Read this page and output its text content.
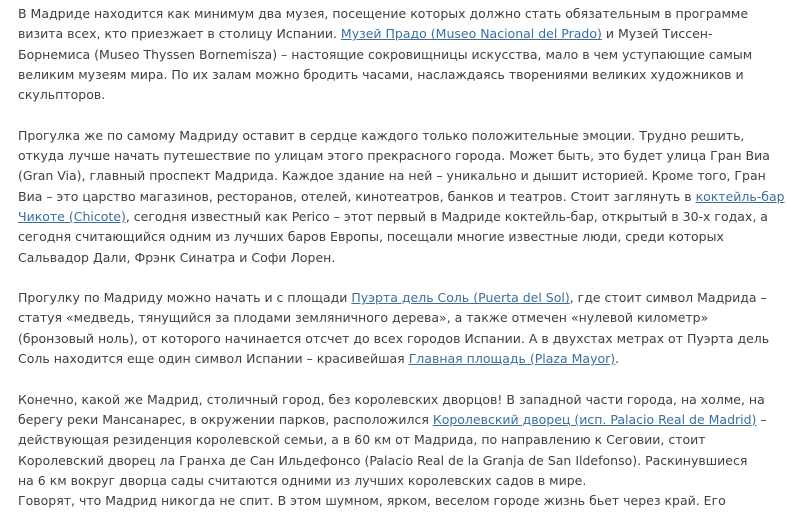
В Мадриде находится как минимум два музея, посещение которых должно стать обязательным в программе
визита всех, кто приезжает в столицу Испании. Музей Прадо (Museo Nacional del Prado) и Музей Тиссен-
Борнемиса (Museo Thyssen Bornemisza) – настоящие сокровищницы искусства, мало в чем уступающие самым
великим музеям мира. По их залам можно бродить часами, наслаждаясь творениями великих художников и
скульпторов.

Прогулка же по самому Мадриду оставит в сердце каждого только положительные эмоции. Трудно решить,
откуда лучше начать путешествие по улицам этого прекрасного города. Может быть, это будет улица Гран Виа
(Gran Via), главный проспект Мадрида. Каждое здание на ней – уникально и дышит историей. Кроме того, Гран
Виа – это царство магазинов, ресторанов, отелей, кинотеатров, банков и театров. Стоит заглянуть в коктейль-бар
Чикоте (Chicote), сегодня известный как Perico – этот первый в Мадриде коктейль-бар, открытый в 30-х годах, а
сегодня считающийся одним из лучших баров Европы, посещали многие известные люди, среди которых
Сальвадор Дали, Фрэнк Синатра и Софи Лорен.

Прогулку по Мадриду можно начать и с площади Пуэрта дель Соль (Puerta del Sol), где стоит символ Мадрида –
статуя «медведь, тянущийся за плодами земляничного дерева», а также отмечен «нулевой километр»
(бронзовый ноль), от которого начинается отсчет до всех городов Испании. А в двухстах метрах от Пуэрта дель
Соль находится еще один символ Испании – красивейшая Главная площадь (Plaza Mayor).

Конечно, какой же Мадрид, столичный город, без королевских дворцов! В западной части города, на холме, на
берегу реки Мансанарес, в окружении парков, расположился Королевский дворец (исп. Palacio Real de Madrid) –
действующая резиденция королевской семьи, а в 60 км от Мадрида, по направлению к Сеговии, стоит
Королевский дворец ла Гранха де Сан Ильдефонсо (Palacio Real de la Granja de San Ildefonso). Раскинувшиеся
на 6 км вокруг дворца сады считаются одними из лучших королевских садов в мире.
Говорят, что Мадрид никогда не спит. В этом шумном, ярком, веселом городе жизнь бьет через край. Его
